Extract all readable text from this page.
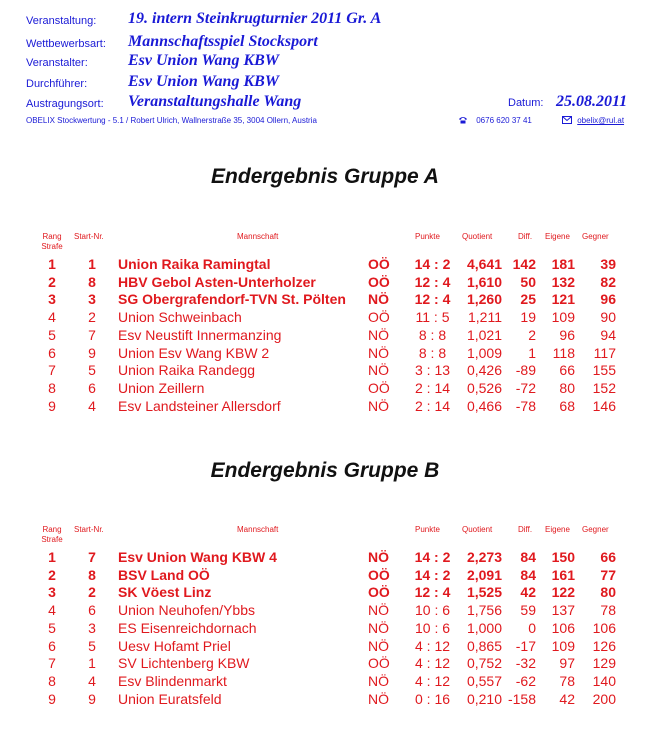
Veranstaltung: 19. intern Steinkrugturnier 2011 Gr. A
Wettbewerbsart: Mannschaftsspiel Stocksport
Veranstalter:	Esv Union Wang KBW
Durchführer:	Esv Union Wang KBW
Austragungsort: Veranstaltungshalle Wang	Datum: 25.08.2011
OBELIX Stockwertung - 5.1 / Robert Ulrich, Wallnerstraße 35, 3004 Ollern, Austria	0676 620 37 41	obelix@rul.at
Endergebnis Gruppe A
Rang
Strafe
Start-Nr.	Mannschaft	Punkte	Quotient	Diff. Eigene Gegner
1	1	Union Raika Ramingtal	OÖ	14 : 2	4,641 142	181	39
2	8	HBV Gebol Asten-Unterholzer	OÖ	12 : 4	1,610	50	132	82
3	3	SG Obergrafendorf-TVN St. Pölten NÖ	12 : 4	1,260	25	121	96
4	2	Union Schweinbach	OÖ	11 : 5	1,211	19	109	90
5	7	Esv Neustift Innermanzing	NÖ	8 : 8	1,021	2	96	94
6	9	Union Esv Wang KBW 2	NÖ	8 : 8	1,009	1	118	117
7	5	Union Raika Randegg	NÖ	3 : 13	0,426 -89	66	155
8	6	Union Zeillern	OÖ	2 : 14	0,526 -72	80	152
9	4	Esv Landsteiner Allersdorf	NÖ	2 : 14	0,466 -78	68	146
Endergebnis Gruppe B
Rang
Strafe
Start-Nr.	Mannschaft	Punkte	Quotient	Diff. Eigene Gegner
1	7	Esv Union Wang KBW 4	NÖ	14 : 2	2,273	84	150	66
2	8	BSV Land OÖ	OÖ	14 : 2	2,091	84	161	77
3	2	SK Vöest Linz	OÖ	12 : 4	1,525	42	122	80
4	6	Union Neuhofen/Ybbs	NÖ	10 : 6	1,756	59	137	78
5	3	ES Eisenreichdornach	NÖ	10 : 6	1,000	0	106	106
6	5	Uesv Hofamt Priel	NÖ	4 : 12	0,865 -17	109	126
7	1	SV Lichtenberg KBW	OÖ	4 : 12	0,752 -32	97	129
8	4	Esv Blindenmarkt	NÖ	4 : 12	0,557 -62	78	140
9	9	Union Euratsfeld	NÖ	0 : 16	0,210 -158	42	200
